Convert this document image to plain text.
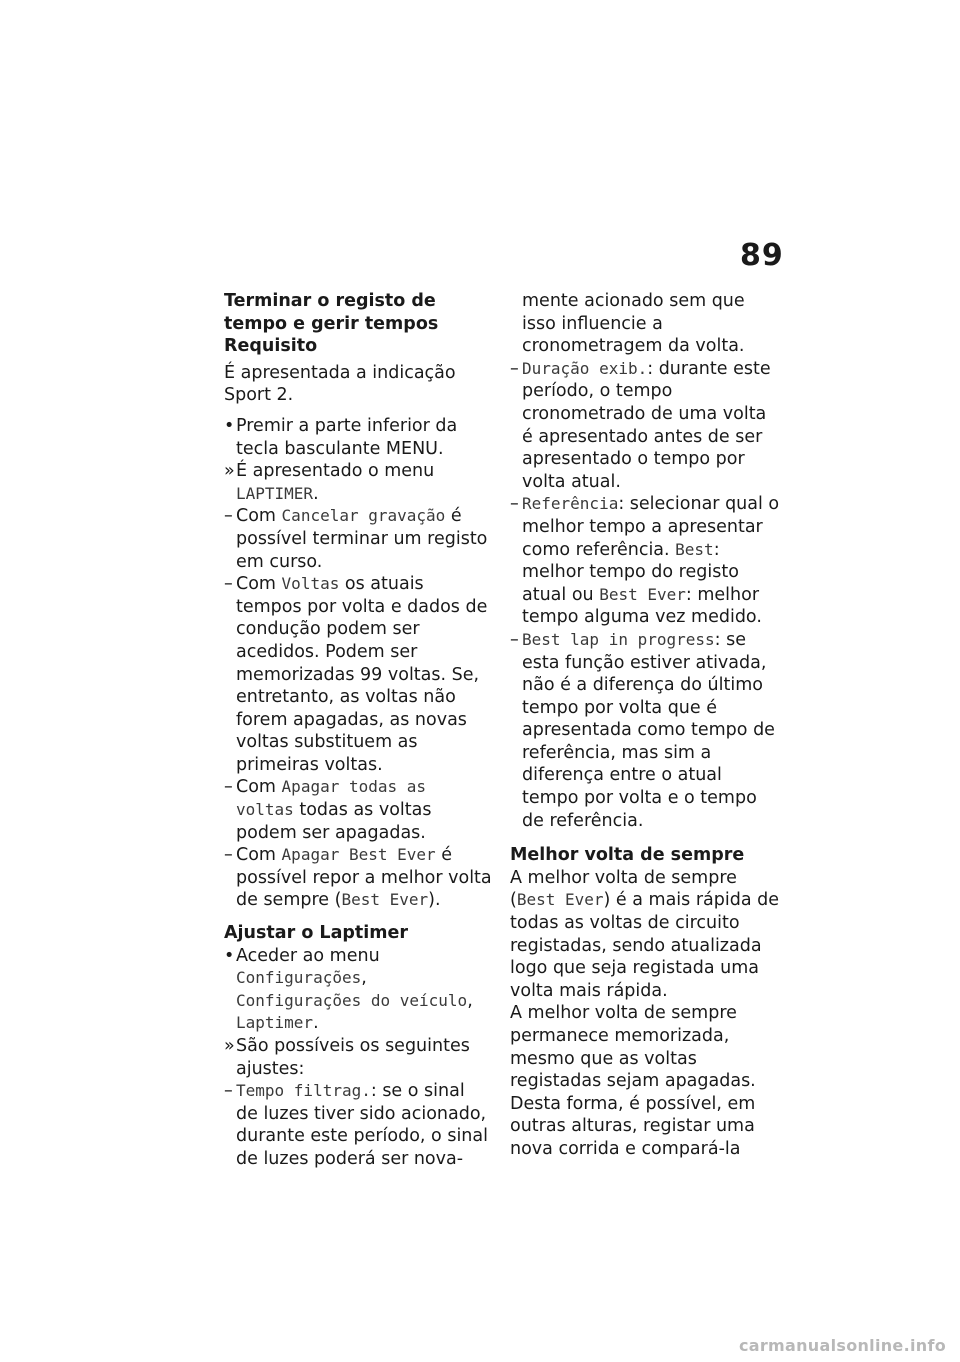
89

Terminar o registo de tempo e gerir tempos

Requisito

É apresentada a indicação Sport 2.

• Premir a parte inferior da tecla basculante MENU.
» É apresentado o menu LAPTIMER.
– Com Cancelar gravação é possível terminar um registo em curso.
– Com Voltas os atuais tempos por volta e dados de condução podem ser acedidos. Podem ser memorizadas 99 voltas. Se, entretanto, as voltas não forem apagadas, as novas voltas substituem as primeiras voltas.
– Com Apagar todas as voltas todas as voltas podem ser apagadas.
– Com Apagar Best Ever é possível repor a melhor volta de sempre (Best Ever).

Ajustar o Laptimer

• Aceder ao menu Configurações, Configurações do veículo, Laptimer.
» São possíveis os seguintes ajustes:
– Tempo filtrag.: se o sinal de luzes tiver sido acionado, durante este período, o sinal de luzes poderá ser nova-

mente acionado sem que isso influencie a cronometragem da volta.

– Duração exib.: durante este período, o tempo cronometrado de uma volta é apresentado antes de ser apresentado o tempo por volta atual.
– Referência: selecionar qual o melhor tempo a apresentar como referência. Best: melhor tempo do registo atual ou Best Ever: melhor tempo alguma vez medido.
– Best lap in progress: se esta função estiver ativada, não é a diferença do último tempo por volta que é apresentada como tempo de referência, mas sim a diferença entre o atual tempo por volta e o tempo de referência.

Melhor volta de sempre

A melhor volta de sempre (Best Ever) é a mais rápida de todas as voltas de circuito registadas, sendo atualizada logo que seja registada uma volta mais rápida.

A melhor volta de sempre permanece memorizada, mesmo que as voltas registadas sejam apagadas. Desta forma, é possível, em outras alturas, registar uma nova corrida e compará-la

carmanualsonline.info
